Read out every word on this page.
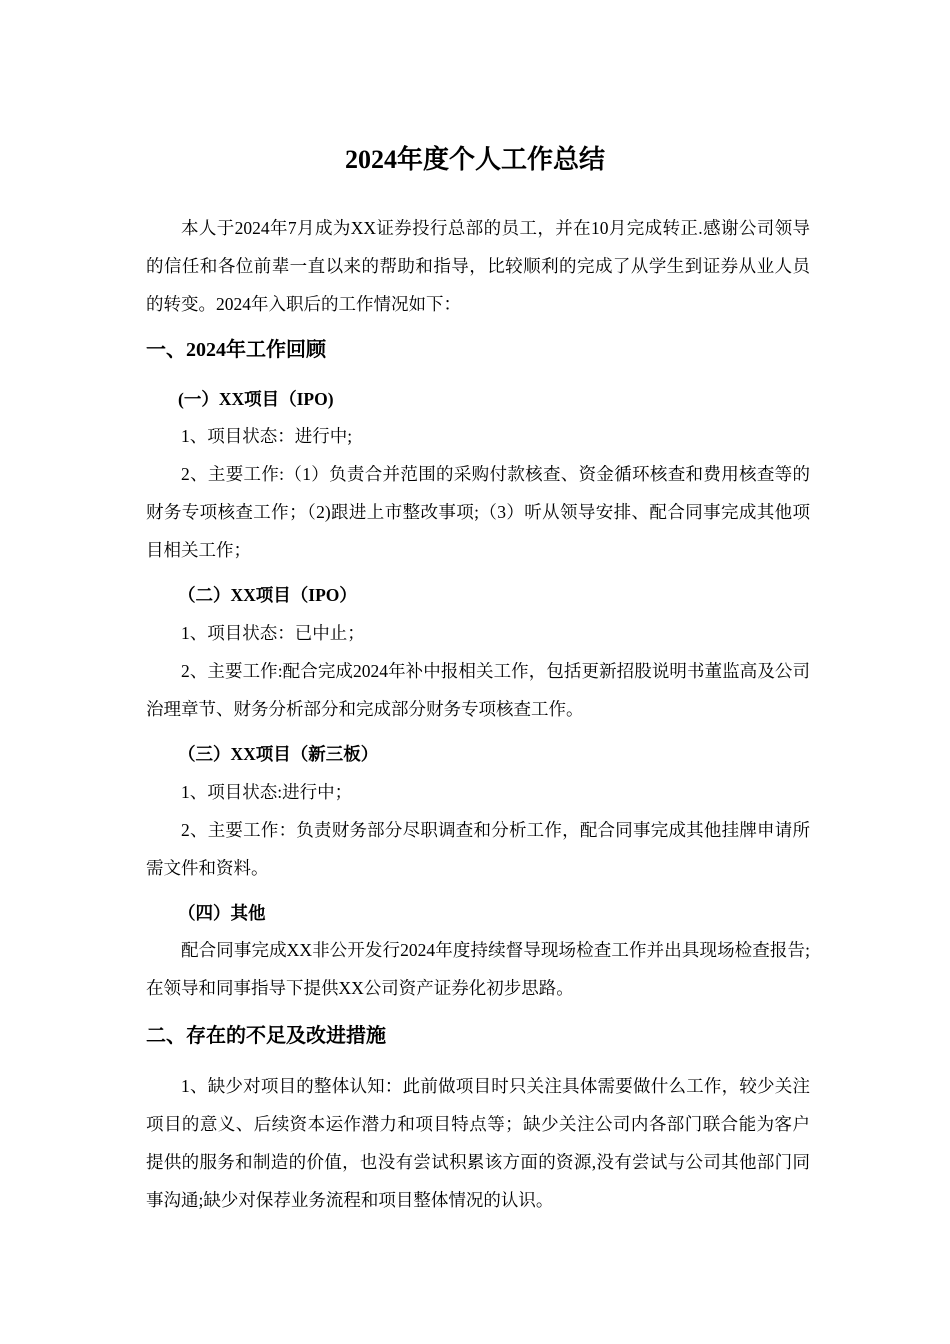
2024年度个人工作总结

本人于2024年7月成为XX证券投行总部的员工，并在10月完成转正.感谢公司领导的信任和各位前辈一直以来的帮助和指导，比较顺利的完成了从学生到证券从业人员的转变。2024年入职后的工作情况如下：

一、2024年工作回顾
(一）XX项目（IPO)

1、项目状态：进行中;

2、主要工作:（1）负责合并范围的采购付款核查、资金循环核查和费用核查等的财务专项核查工作；（2)跟进上市整改事项;（3）听从领导安排、配合同事完成其他项目相关工作；

（二）XX项目（IPO）

1、项目状态：已中止；

2、主要工作:配合完成2024年补中报相关工作，包括更新招股说明书董监高及公司治理章节、财务分析部分和完成部分财务专项核查工作。

（三）XX项目（新三板）

1、项目状态:进行中；

2、主要工作：负责财务部分尽职调查和分析工作，配合同事完成其他挂牌申请所需文件和资料。

（四）其他

配合同事完成XX非公开发行2024年度持续督导现场检查工作并出具现场检查报告;在领导和同事指导下提供XX公司资产证券化初步思路。

二、存在的不足及改进措施

1、缺少对项目的整体认知：此前做项目时只关注具体需要做什么工作，较少关注项目的意义、后续资本运作潜力和项目特点等；缺少关注公司内各部门联合能为客户提供的服务和制造的价值，也没有尝试积累该方面的资源,没有尝试与公司其他部门同事沟通;缺少对保荐业务流程和项目整体情况的认识。
